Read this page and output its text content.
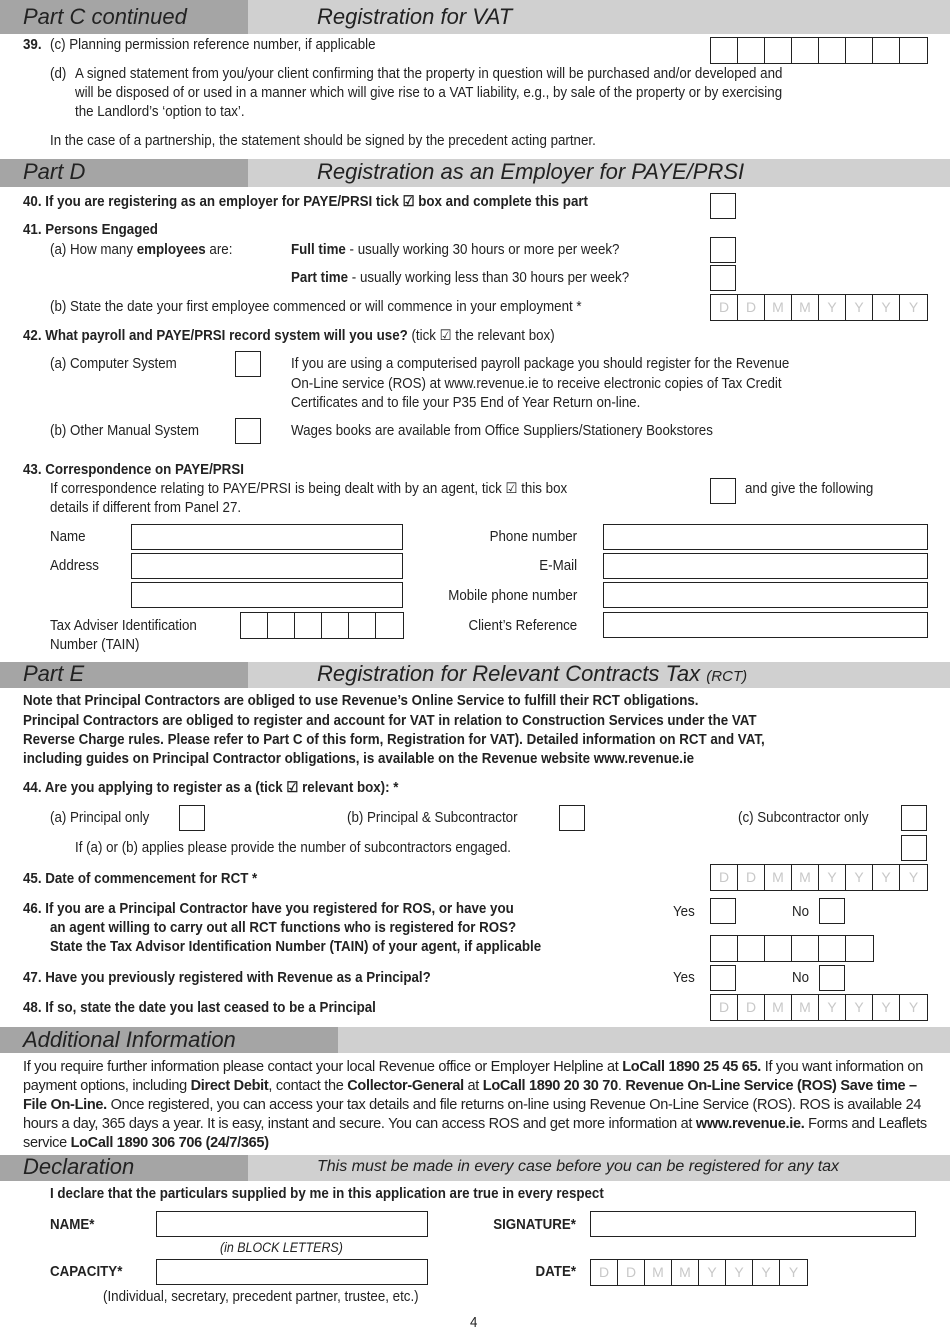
Part C continued	Registration for VAT
39. (c) Planning permission reference number, if applicable
(d) A signed statement from you/your client confirming that the property in question will be purchased and/or developed and
will be disposed of or used in a manner which will give rise to a VAT liability, e.g., by sale of the property or by exercising
the Landlord’s ‘option to tax’.
In the case of a partnership, the statement should be signed by the precedent acting partner.
Part D	Registration as an Employer for PAYE/PRSI
40. If you are registering as an employer for PAYE/PRSI tick ☑ box and complete this part
41. Persons Engaged
(a) How many employees are:	Full time - usually working 30 hours or more per week?
Part time - usually working less than 30 hours per week?
(b) State the date your first employee commenced or will commence in your employment *	D	D	M	M	Y	Y	Y	Y
42. What payroll and PAYE/PRSI record system will you use? (tick ☑ the relevant box)
(a) Computer System	If you are using a computerised payroll package you should register for the Revenue
On-Line service (ROS) at www.revenue.ie to receive electronic copies of Tax Credit
Certificates and to file your P35 End of Year Return on-line.
(b) Other Manual System	Wages books are available from Office Suppliers/Stationery Bookstores
43. Correspondence on PAYE/PRSI
If correspondence relating to PAYE/PRSI is being dealt with by an agent, tick ☑ this box	and give the following
details if different from Panel 27.
Name
Address
Tax Adviser Identification
Number (TAIN)
Phone number
E-Mail
Mobile phone number
Client’s Reference
Part E	Registration for Relevant Contracts Tax (RCT)
Note that Principal Contractors are obliged to use Revenue’s Online Service to fulfill their RCT obligations.
Principal Contractors are obliged to register and account for VAT in relation to Construction Services under the VAT
Reverse Charge rules. Please refer to Part C of this form, Registration for VAT). Detailed information on RCT and VAT,
including guides on Principal Contractor obligations, is available on the Revenue website www.revenue.ie
44. Are you applying to register as a (tick ☑ relevant box): *
(a) Principal only	(b) Principal & Subcontractor	(c) Subcontractor only
If (a) or (b) applies please provide the number of subcontractors engaged.
45. Date of commencement for RCT *	D	D	M	M	Y	Y	Y	Y
46. If you are a Principal Contractor have you registered for ROS, or have you
an agent willing to carry out all RCT functions who is registered for ROS?
State the Tax Advisor Identification Number (TAIN) of your agent, if applicable
Yes	No
47. Have you previously registered with Revenue as a Principal?	Yes	No
48. If so, state the date you last ceased to be a Principal	D	D	M	M	Y	Y	Y	Y
Additional Information
If you require further information please contact your local Revenue office or Employer Helpline at LoCall 1890 25 45 65. If you want information on payment options, including Direct Debit, contact the Collector-General at LoCall 1890 20 30 70. Revenue On-Line Service (ROS) Save time – File On-Line. Once registered, you can access your tax details and file returns on-line using Revenue On-Line Service (ROS). ROS is available 24 hours a day, 365 days a year. It is easy, instant and secure. You can access ROS and get more information at www.revenue.ie. Forms and Leaflets service LoCall 1890 306 706 (24/7/365)
Declaration	This must be made in every case before you can be registered for any tax
I declare that the particulars supplied by me in this application are true in every respect
NAME*
(in BLOCK LETTERS)
SIGNATURE*
CAPACITY*	DATE*	D	D	M	M	Y	Y	Y	Y
(Individual, secretary, precedent partner, trustee, etc.)
4
